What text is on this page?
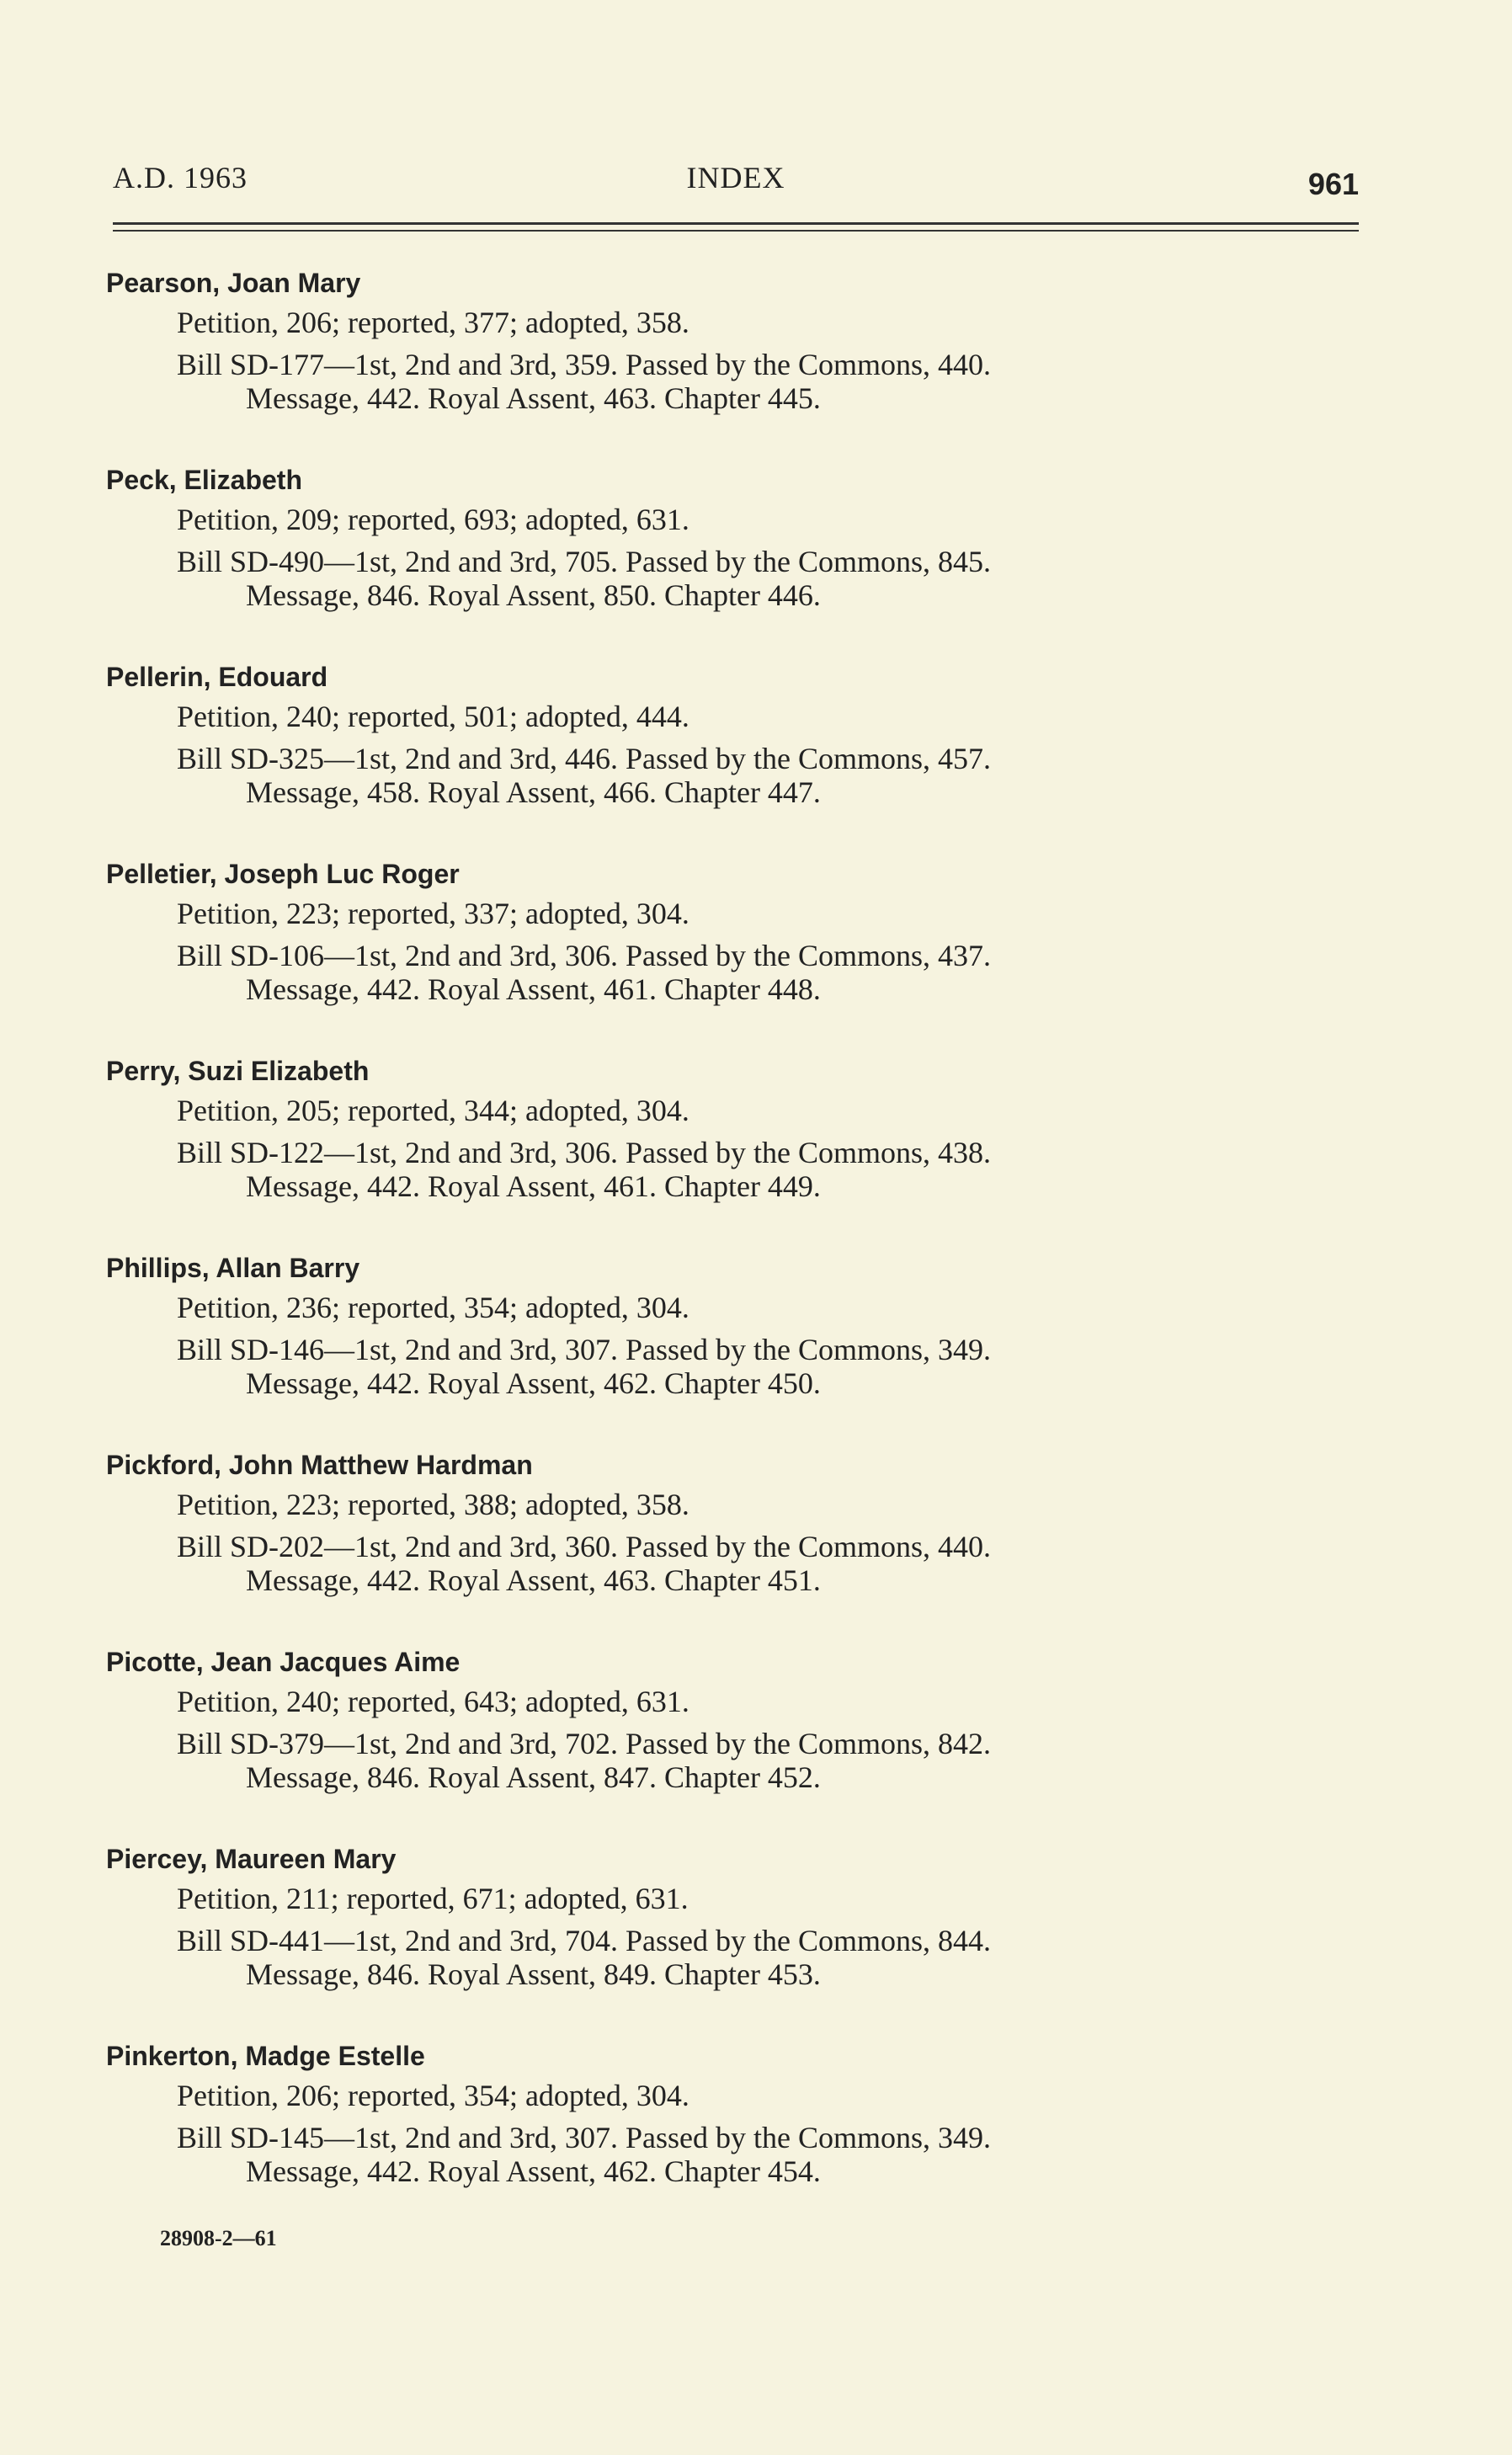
A.D. 1963	INDEX	961
Pearson, Joan Mary
Petition, 206; reported, 377; adopted, 358.
Bill SD-177—1st, 2nd and 3rd, 359. Passed by the Commons, 440.
Message, 442. Royal Assent, 463. Chapter 445.
Peck, Elizabeth
Petition, 209; reported, 693; adopted, 631.
Bill SD-490—1st, 2nd and 3rd, 705. Passed by the Commons, 845.
Message, 846. Royal Assent, 850. Chapter 446.
Pellerin, Edouard
Petition, 240; reported, 501; adopted, 444.
Bill SD-325—1st, 2nd and 3rd, 446. Passed by the Commons, 457.
Message, 458. Royal Assent, 466. Chapter 447.
Pelletier, Joseph Luc Roger
Petition, 223; reported, 337; adopted, 304.
Bill SD-106—1st, 2nd and 3rd, 306. Passed by the Commons, 437.
Message, 442. Royal Assent, 461. Chapter 448.
Perry, Suzi Elizabeth
Petition, 205; reported, 344; adopted, 304.
Bill SD-122—1st, 2nd and 3rd, 306. Passed by the Commons, 438.
Message, 442. Royal Assent, 461. Chapter 449.
Phillips, Allan Barry
Petition, 236; reported, 354; adopted, 304.
Bill SD-146—1st, 2nd and 3rd, 307. Passed by the Commons, 349.
Message, 442. Royal Assent, 462. Chapter 450.
Pickford, John Matthew Hardman
Petition, 223; reported, 388; adopted, 358.
Bill SD-202—1st, 2nd and 3rd, 360. Passed by the Commons, 440.
Message, 442. Royal Assent, 463. Chapter 451.
Picotte, Jean Jacques Aime
Petition, 240; reported, 643; adopted, 631.
Bill SD-379—1st, 2nd and 3rd, 702. Passed by the Commons, 842.
Message, 846. Royal Assent, 847. Chapter 452.
Piercey, Maureen Mary
Petition, 211; reported, 671; adopted, 631.
Bill SD-441—1st, 2nd and 3rd, 704. Passed by the Commons, 844.
Message, 846. Royal Assent, 849. Chapter 453.
Pinkerton, Madge Estelle
Petition, 206; reported, 354; adopted, 304.
Bill SD-145—1st, 2nd and 3rd, 307. Passed by the Commons, 349.
Message, 442. Royal Assent, 462. Chapter 454.
28908-2—61
